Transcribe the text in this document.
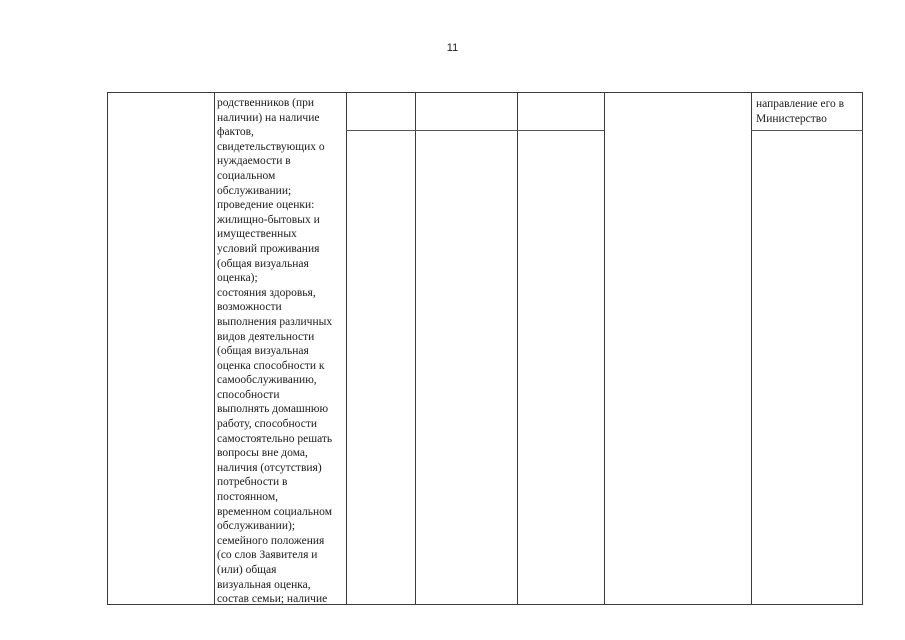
11
родственников (при
наличии) на наличие
фактов,
свидетельствующих о
нуждаемости в
социальном
обслуживании;
проведение оценки:
жилищно-бытовых и
имущественных
условий проживания
(общая визуальная
оценка);
состояния здоровья,
возможности
выполнения различных
видов деятельности
(общая визуальная
оценка способности к
самообслуживанию,
способности
выполнять домашнюю
работу, способности
самостоятельно решать
вопросы вне дома,
наличия (отсутствия)
потребности в
постоянном,
временном социальном
обслуживании);
семейного положения
(со слов Заявителя и
(или) общая
визуальная оценка,
состав семьи; наличие
направление его в
Министерство
